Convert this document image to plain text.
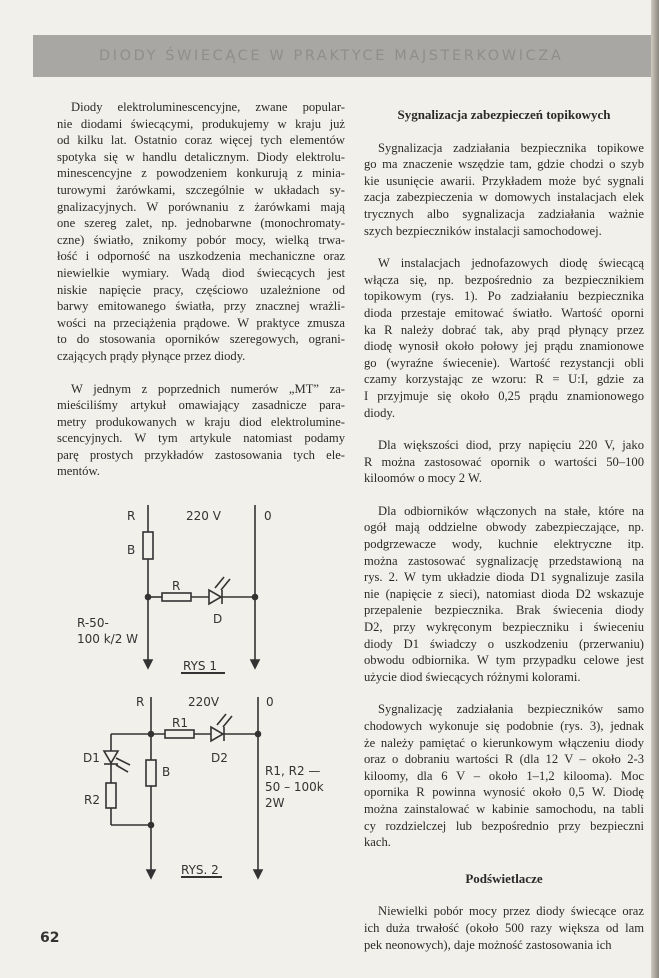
DIODY ŚWIECĄCE W PRAKTYCE MAJSTERKOWICZA
Diody elektroluminescencyjne, zwane popular-
nie diodami świecącymi, produkujemy w kraju już
od kilku lat. Ostatnio coraz więcej tych elementów
spotyka się w handlu detalicznym. Diody elektrolu-
minescencyjne z powodzeniem konkurują z minia-
turowymi żarówkami, szczególnie w układach sy-
gnalizacyjnych. W porównaniu z żarówkami mają
one szereg zalet, np. jednobarwne (monochromaty-
czne) światło, znikomy pobór mocy, wielką trwa-
łość i odporność na uszkodzenia mechaniczne oraz
niewielkie wymiary. Wadą diod świecących jest
niskie napięcie pracy, częściowo uzależnione od
barwy emitowanego światła, przy znacznej wrażli-
wości na przeciążenia prądowe. W praktyce zmusza
to do stosowania oporników szeregowych, ograni-
czających prądy płynące przez diody.
W jednym z poprzednich numerów „MT” za-
mieściliśmy artykuł omawiający zasadnicze para-
metry produkowanych w kraju diod elektrolumine-
scencyjnych. W tym artykule natomiast podamy
parę prostych przykładów zastosowania tych ele-
mentów.
Sygnalizacja zabezpieczeń topikowych
Sygnalizacja zadziałania bezpiecznika topikowe
go ma znaczenie wszędzie tam, gdzie chodzi o szyb
kie usunięcie awarii. Przykładem może być sygnali
zacja zabezpieczenia w domowych instalacjach elek
trycznych albo sygnalizacja zadziałania ważnie
szych bezpieczników instalacji samochodowej.
W instalacjach jednofazowych diodę świecącą
włącza się, np. bezpośrednio za bezpiecznikiem
topikowym (rys. 1). Po zadziałaniu bezpiecznika
dioda przestaje emitować światło. Wartość oporni
ka R należy dobrać tak, aby prąd płynący przez
diodę wynosił około połowy jej prądu znamionowe
go (wyraźne świecenie). Wartość rezystancji obli
czamy korzystając ze wzoru: R = U:I, gdzie za
I przyjmuje się około 0,25 prądu znamionowego
diody.
Dla większości diod, przy napięciu 220 V, jako
R można zastosować opornik o wartości 50–100
kiloomów o mocy 2 W.
Dla odbiorników włączonych na stałe, które na
ogół mają oddzielne obwody zabezpieczające, np.
podgrzewacze wody, kuchnie elektryczne itp.
można zastosować sygnalizację przedstawioną na
rys. 2. W tym układzie dioda D1 sygnalizuje zasila
nie (napięcie z sieci), natomiast dioda D2 wskazuje
przepalenie bezpiecznika. Brak świecenia diody
D2, przy wykręconym bezpieczniku i świeceniu
diody D1 świadczy o uszkodzeniu (przerwaniu)
obwodu odbiornika. W tym przypadku celowe jest
użycie diod świecących różnymi kolorami.
Sygnalizację zadziałania bezpieczników samo
chodowych wykonuje się podobnie (rys. 3), jednak
że należy pamiętać o kierunkowym włączeniu diody
oraz o dobraniu wartości R (dla 12 V – około 2-3
kiloomy, dla 6 V – około 1–1,2 kilooma). Moc
opornika R powinna wynosić około 0,5 W. Diodę
można zainstalować w kabinie samochodu, na tabli
cy rozdzielczej lub bezpośrednio przy bezpieczni
kach.
Podświetlacze
Niewielki pobór mocy przez diody świecące oraz
ich duża trwałość (około 500 razy większa od lam
pek neonowych), daje możność zastosowania ich
R	220 V	0
B
R
D
R-50-
100 k/2 W
RYS 1
R	220V	0
R1
D1	D2
B
R2
R1, R2 —
50 – 100k
2W
RYS. 2
62
